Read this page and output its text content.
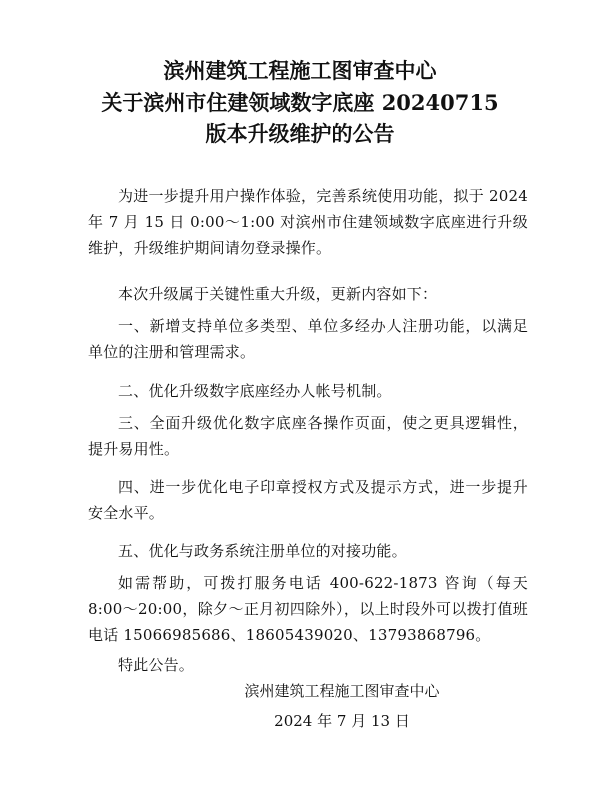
滨州建筑工程施工图审查中心
关于滨州市住建领域数字底座 20240715
版本升级维护的公告

为进一步提升用户操作体验，完善系统使用功能，拟于 2024 年 7 月 15 日 0:00～1:00 对滨州市住建领域数字底座进行升级维护，升级维护期间请勿登录操作。

本次升级属于关键性重大升级，更新内容如下：

一、新增支持单位多类型、单位多经办人注册功能，以满足单位的注册和管理需求。

二、优化升级数字底座经办人帐号机制。

三、全面升级优化数字底座各操作页面，使之更具逻辑性，提升易用性。

四、进一步优化电子印章授权方式及提示方式，进一步提升安全水平。

五、优化与政务系统注册单位的对接功能。

如需帮助，可拨打服务电话 400-622-1873 咨询（每天 8:00～20:00，除夕～正月初四除外），以上时段外可以拨打值班电话 15066985686、18605439020、13793868796。

特此公告。

滨州建筑工程施工图审查中心

2024 年 7 月 13 日
